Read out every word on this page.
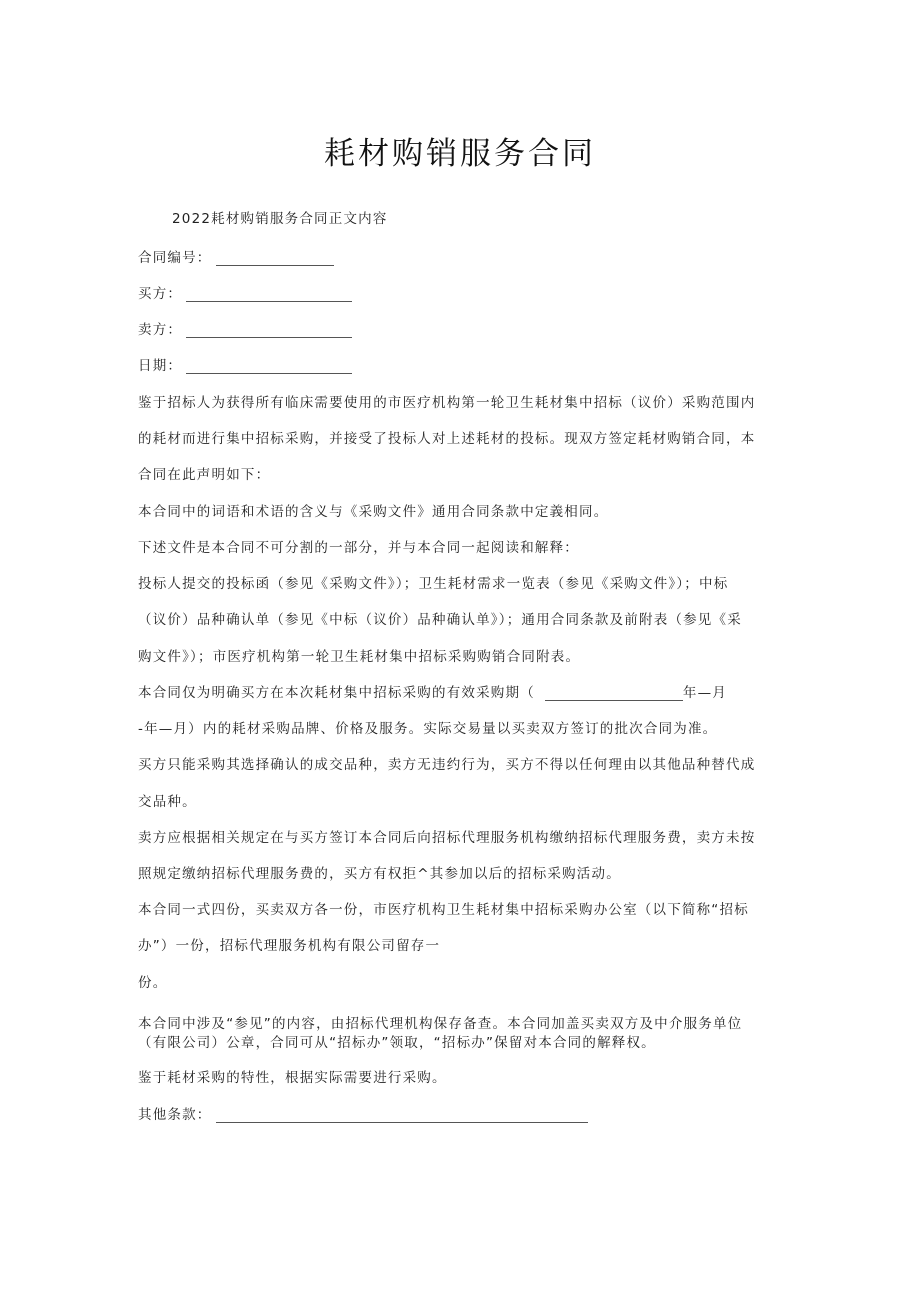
耗材购销服务合同
2022耗材购销服务合同正文内容
合同编号：
买方：
卖方：
日期：
鉴于招标人为获得所有临床需要使用的市医疗机构第一轮卫生耗材集中招标（议价）采购范围内
的耗材而进行集中招标采购，并接受了投标人对上述耗材的投标。现双方签定耗材购销合同，本
合同在此声明如下：
本合同中的词语和术语的含义与《采购文件》通用合同条款中定義相同。
下述文件是本合同不可分割的一部分，并与本合同一起阅读和解释：
投标人提交的投标函（参见《采购文件》）；卫生耗材需求一览表（参见《采购文件》）；中标
（议价）品种确认单（参见《中标（议价）品种确认单》）；通用合同条款及前附表（参见《采
购文件》）；市医疗机构第一轮卫生耗材集中招标采购购销合同附表。
本合同仅为明确买方在本次耗材集中招标采购的有效采购期（	年—月
-年—月）内的耗材采购品牌、价格及服务。实际交易量以买卖双方签订的批次合同为准。
买方只能采购其选择确认的成交品种，卖方无违约行为，买方不得以任何理由以其他品种替代成
交品种。
卖方应根据相关规定在与买方签订本合同后向招标代理服务机构缴纳招标代理服务费，卖方未按
照规定缴纳招标代理服务费的，买方有权拒^其参加以后的招标采购活动。
本合同一式四份，买卖双方各一份，市医疗机构卫生耗材集中招标采购办公室（以下简称“招标
办”）一份，招标代理服务机构有限公司留存一
份。
本合同中涉及“参见”的内容，由招标代理机构保存备查。本合同加盖买卖双方及中介服务单位
（有限公司）公章，合同可从“招标办”领取，“招标办”保留对本合同的解释权。
鉴于耗材采购的特性，根据实际需要进行采购。
其他条款：
